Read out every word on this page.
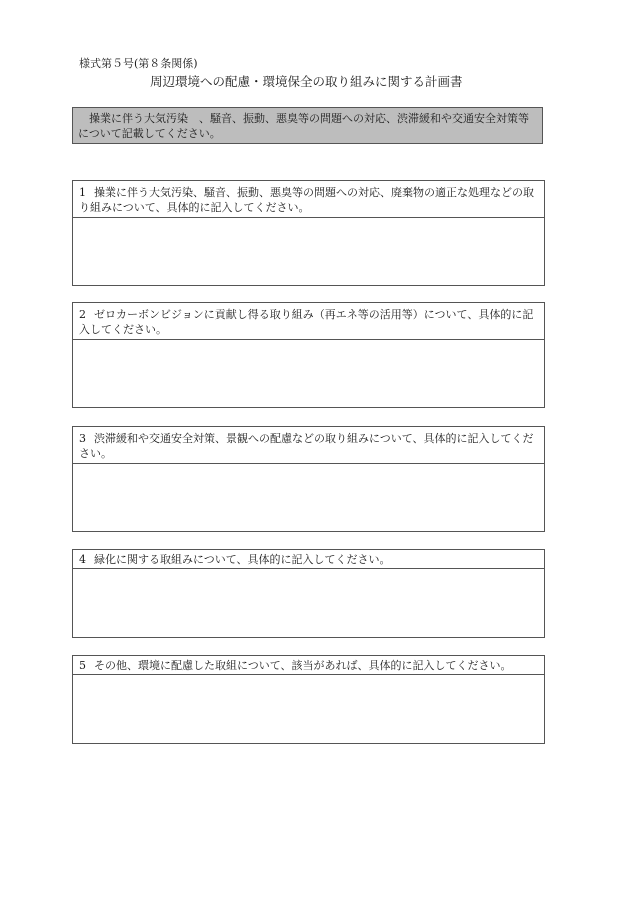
様式第５号(第８条関係)
周辺環境への配慮・環境保全の取り組みに関する計画書
　操業に伴う大気汚染　、騒音、振動、悪臭等の問題への対応、渋滞緩和や交通安全対策等について記載してください。
1 操業に伴う大気汚染、騒音、振動、悪臭等の問題への対応、廃棄物の適正な処理などの取り組みについて、具体的に記入してください。
2 ゼロカーボンビジョンに貢献し得る取り組み（再エネ等の活用等）について、具体的に記入してください。
3 渋滞緩和や交通安全対策、景観への配慮などの取り組みについて、具体的に記入してください。
4 緑化に関する取組みについて、具体的に記入してください。
5 その他、環境に配慮した取組について、該当があれば、具体的に記入してください。
